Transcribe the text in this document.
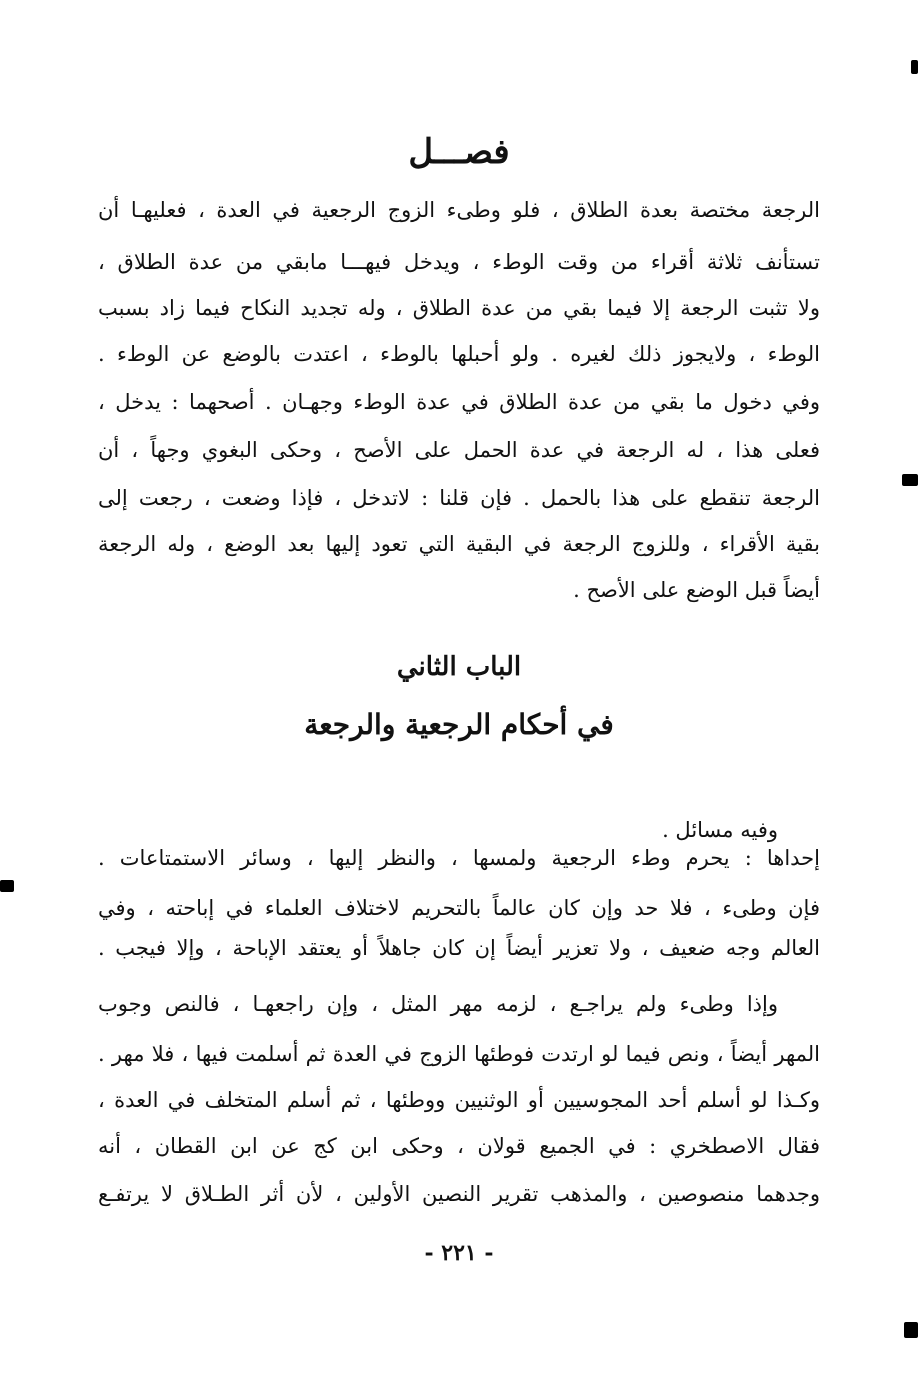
فصـــل
الرجعة مختصة بعدة الطلاق ، فلو وطىء الزوج الرجعية في العدة ، فعليهـا أن
تستأنف ثلاثة أقراء من وقت الوطء ، ويدخل فيهـــا مابقي من عدة الطلاق ،
ولا تثبت الرجعة إلا فيما بقي من عدة الطلاق ، وله تجديد النكاح فيما زاد بسبب
الوطء ، ولايجوز ذلك لغيره . ولو أحبلها بالوطء ، اعتدت بالوضع عن الوطء .
وفي دخول ما بقي من عدة الطلاق في عدة الوطء وجهـان . أصحهما : يدخل ،
فعلى هذا ، له الرجعة في عدة الحمل على الأصح ، وحكى البغوي وجهاً ، أن
الرجعة تنقطع على هذا بالحمل . فإن قلنا : لاتدخل ، فإذا وضعت ، رجعت إلى
بقية الأقراء ، وللزوج الرجعة في البقية التي تعود إليها بعد الوضع ، وله الرجعة
أيضاً قبل الوضع على الأصح .
الباب الثاني
في أحكام الرجعية والرجعة
وفيه مسائل .
إحداها : يحرم وطء الرجعية ولمسها ، والنظر إليها ، وسائر الاستمتاعات .
فإن وطىء ، فلا حد وإن كان عالماً بالتحريم لاختلاف العلماء في إباحته ، وفي
العالم وجه ضعيف ، ولا تعزير أيضاً إن كان جاهلاً أو يعتقد الإباحة ، وإلا فيجب .
وإذا وطىء ولم يراجـع ، لزمه مهر المثل ، وإن راجعهـا ، فالنص وجوب
المهر أيضاً ، ونص فيما لو ارتدت فوطئها الزوج في العدة ثم أسلمت فيها ، فلا مهر .
وكـذا لو أسلم أحد المجوسيين أو الوثنيين ووطئها ، ثم أسلم المتخلف في العدة ،
فقال الاصطخري : في الجميع قولان ، وحكى ابن كج عن ابن القطان ، أنه
وجدهما منصوصين ، والمذهب تقرير النصين الأولين ، لأن أثر الطـلاق لا يرتفـع
- ٢٢١ -
